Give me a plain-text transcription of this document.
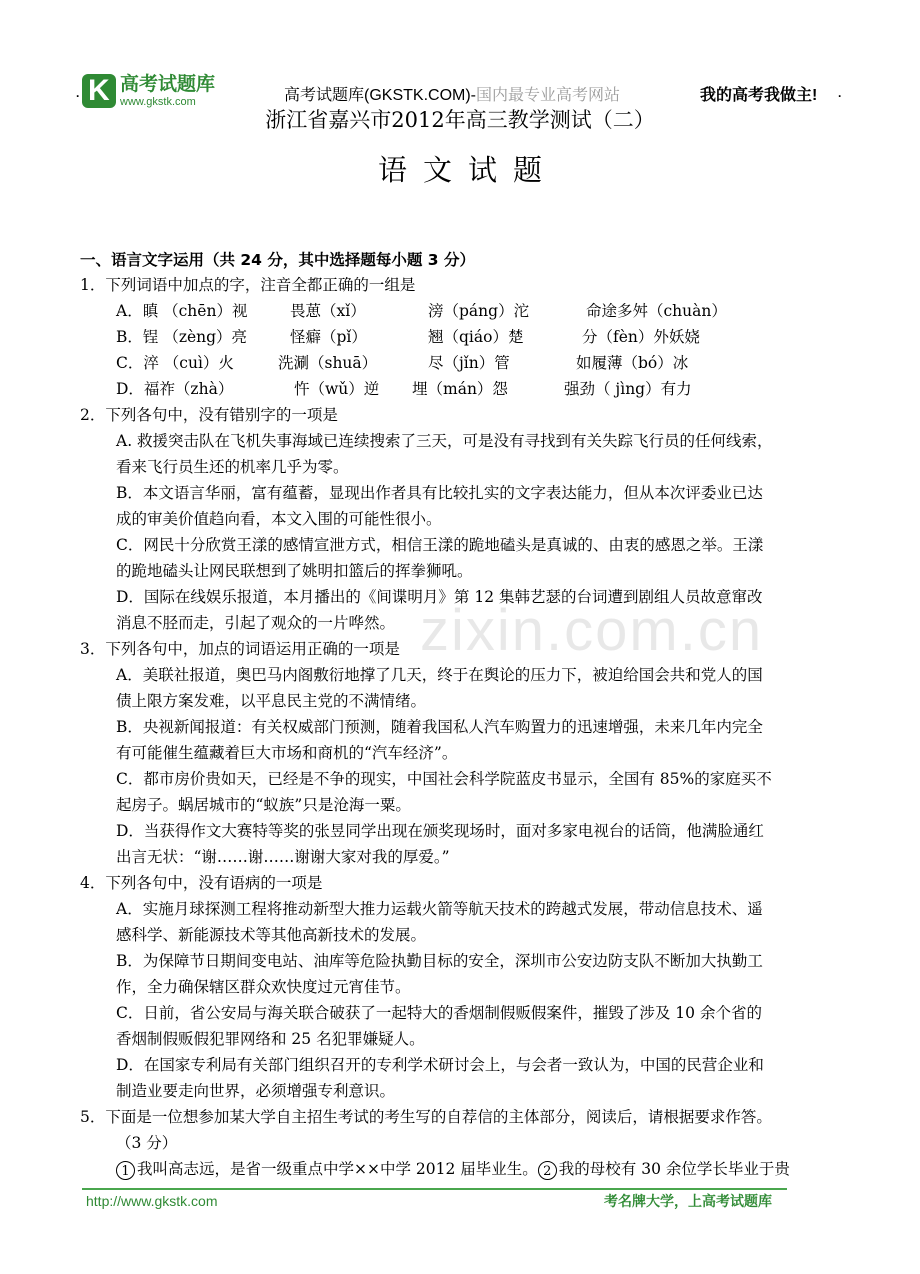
· K 高考试题库
www.gkstk.com	高考试题库(GKSTK.COM)-国内最专业高考网站	我的高考我做主! ·
浙江省嘉兴市2012年高三教学测试（二）
语文试题
一、语言文字运用（共 24 分，其中选择题每小题 3 分）
1．下列词语中加点的字，注音全都正确的一组是
A．瞋 （chēn）视	畏葸（xǐ）	滂（páng）沱	命途多舛（chuàn）
B．锃 （zèng）亮	怪癖（pǐ）	翘（qiáo）楚	分（fèn）外妖娆
C．淬 （cuì）火	洗涮（shuā）	尽（jǐn）管	如履薄（bó）冰
D．福祚（zhà）	忤（wǔ）逆 埋（mán）怨	强劲（ jìng）有力
2．下列各句中，没有错别字的一项是
A. 救援突击队在飞机失事海域已连续搜索了三天，可是没有寻找到有关失踪飞行员的任何线索，
看来飞行员生还的机率几乎为零。
B．本文语言华丽，富有蕴蓄，显现出作者具有比较扎实的文字表达能力，但从本次评委业已达
成的审美价值趋向看，本文入围的可能性很小。
C．网民十分欣赏王漾的感情宣泄方式，相信王漾的跪地磕头是真诚的、由衷的感恩之举。王漾
的跪地磕头让网民联想到了姚明扣篮后的挥拳狮吼。
D．国际在线娱乐报道，本月播出的《间谍明月》第 12 集韩艺瑟的台词遭到剧组人员故意窜改
消息不胫而走，引起了观众的一片哗然。
3．下列各句中，加点的词语运用正确的一项是
A．美联社报道，奥巴马内阁敷衍地撑了几天，终于在舆论的压力下，被迫给国会共和党人的国
债上限方案发难，以平息民主党的不满情绪。
B．央视新闻报道：有关权威部门预测，随着我国私人汽车购置力的迅速增强，未来几年内完全
有可能催生蕴藏着巨大市场和商机的“汽车经济”。
C．都市房价贵如天，已经是不争的现实，中国社会科学院蓝皮书显示，全国有 85%的家庭买不
起房子。蜗居城市的“蚁族”只是沧海一粟。
D．当获得作文大赛特等奖的张昱同学出现在颁奖现场时，面对多家电视台的话筒，他满脸通红
出言无状：“谢……谢……谢谢大家对我的厚爱。”
4．下列各句中，没有语病的一项是
A．实施月球探测工程将推动新型大推力运载火箭等航天技术的跨越式发展，带动信息技术、遥
感科学、新能源技术等其他高新技术的发展。
B．为保障节日期间变电站、油库等危险执勤目标的安全，深圳市公安边防支队不断加大执勤工
作，全力确保辖区群众欢快度过元宵佳节。
C．日前，省公安局与海关联合破获了一起特大的香烟制假贩假案件，摧毁了涉及 10 余个省的
香烟制假贩假犯罪网络和 25 名犯罪嫌疑人。
D．在国家专利局有关部门组织召开的专利学术研讨会上，与会者一致认为，中国的民营企业和
制造业要走向世界，必须增强专利意识。
5．下面是一位想参加某大学自主招生考试的考生写的自荐信的主体部分，阅读后，请根据要求作答。
（3 分）
1 我叫高志远，是省一级重点中学××中学 2012 届毕业生。 2 我的母校有 30 余位学长毕业于贵
zixin.com.cn
http://www.gkstk.com	考名牌大学，上高考试题库
